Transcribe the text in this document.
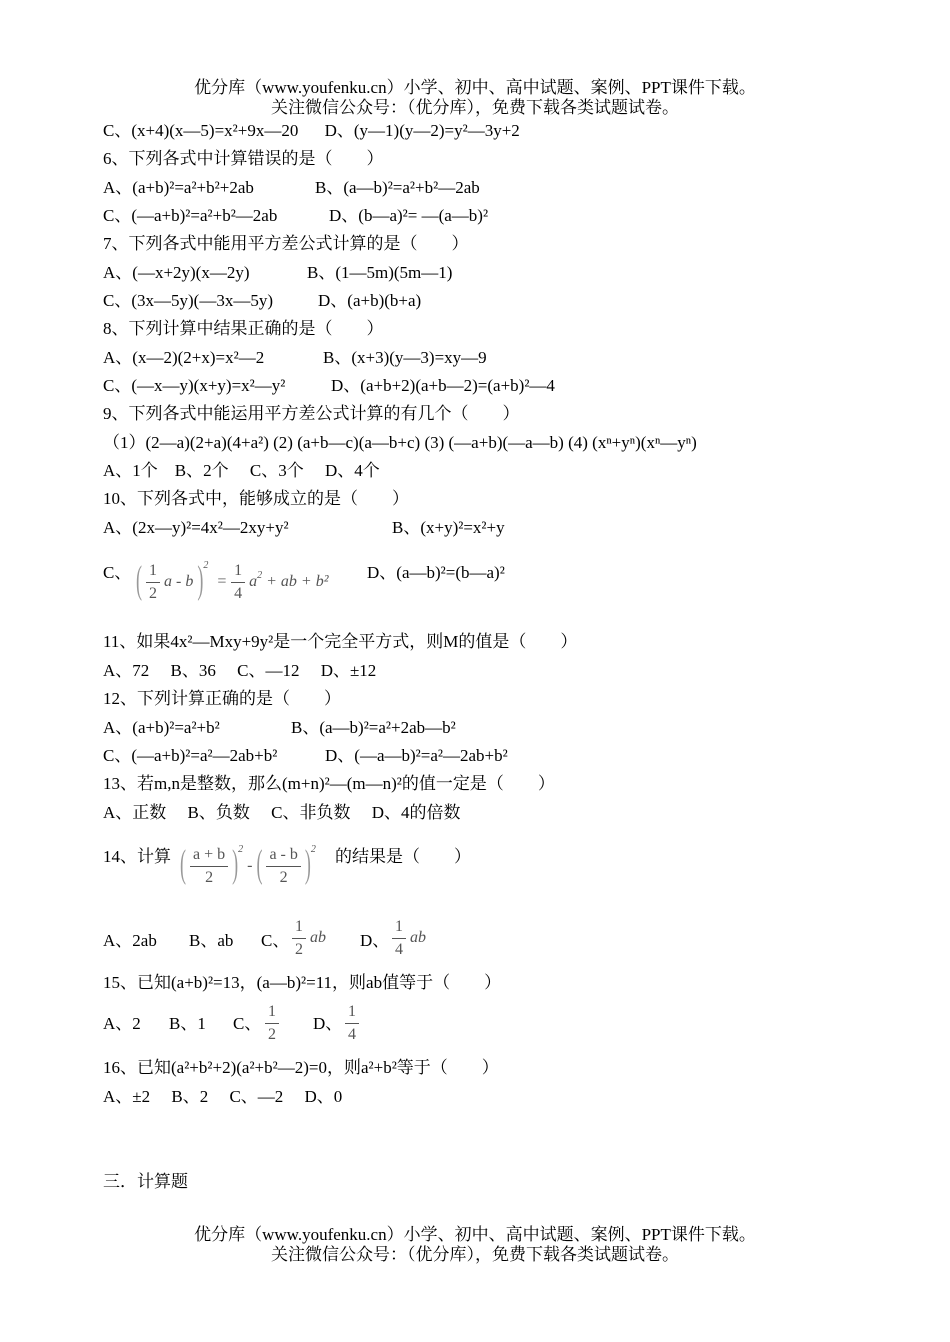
优分库（www.youfenku.cn）小学、初中、高中试题、案例、PPT课件下载。
关注微信公众号：（优分库），免费下载各类试题试卷。
C、(x+4)(x—5)=x²+9x—20 D、(y—1)(y—2)=y²—3y+2
6、下列各式中计算错误的是（　　）
A、(a+b)²=a²+b²+2ab	B、(a—b)²=a²+b²—2ab
C、(—a+b)²=a²+b²—2ab	D、(b—a)²= —(a—b)²
7、下列各式中能用平方差公式计算的是（　　）
A、(—x+2y)(x—2y)	B、(1—5m)(5m—1)
C、(3x—5y)(—3x—5y)	D、(a+b)(b+a)
8、下列计算中结果正确的是（　　）
A、(x—2)(2+x)=x²—2	B、(x+3)(y—3)=xy—9
C、(—x—y)(x+y)=x²—y²	D、(a+b+2)(a+b—2)=(a+b)²—4
9、下列各式中能运用平方差公式计算的有几个（　　）
（1）(2—a)(2+a)(4+a²) (2) (a+b—c)(a—b+c) (3) (—a+b)(—a—b) (4) (xⁿ+yⁿ)(xⁿ—yⁿ)
A、1个　B、2个　 C、3个　 D、4个
10、下列各式中，能够成立的是（　　）
A、(2x—y)²=4x²—2xy+y²	B、(x+y)²=x²+y
C、 ( $\frac{1}{2}$ a - b )$^2 = \frac{1}{4} a^2$ + ab + b² D、(a—b)²=(b—a)²
11、如果4x²—Mxy+9y²是一个完全平方式，则M的值是（　　）
A、72　 B、36　 C、—12　 D、±12
12、下列计算正确的是（　　）
A、(a+b)²=a²+b²	B、(a—b)²=a²+2ab—b²
C、(—a+b)²=a²—2ab+b²	D、(—a—b)²=a²—2ab+b²
13、若m,n是整数，那么(m+n)²—(m—n)²的值一定是（　　）
A、正数　 B、负数　 C、非负数　 D、4的倍数
14、计算 ( $\frac{a + b}{2} )^2$ - ( $\frac{a - b}{2} )^2$ 的结果是（　　）
A、2ab B、ab C、 $\frac{1}{2}$ ab D、 $\frac{1}{4}$ ab
15、已知(a+b)²=13，(a—b)²=11，则ab值等于（　　）
A、2 B、1 C、 $\frac{1}{2}$ D、 $\frac{1}{4}$
16、已知(a²+b²+2)(a²+b²—2)=0，则a²+b²等于（　　）
A、±2　 B、2　 C、—2　 D、0
三．计算题
优分库（www.youfenku.cn）小学、初中、高中试题、案例、PPT课件下载。
关注微信公众号：（优分库），免费下载各类试题试卷。
